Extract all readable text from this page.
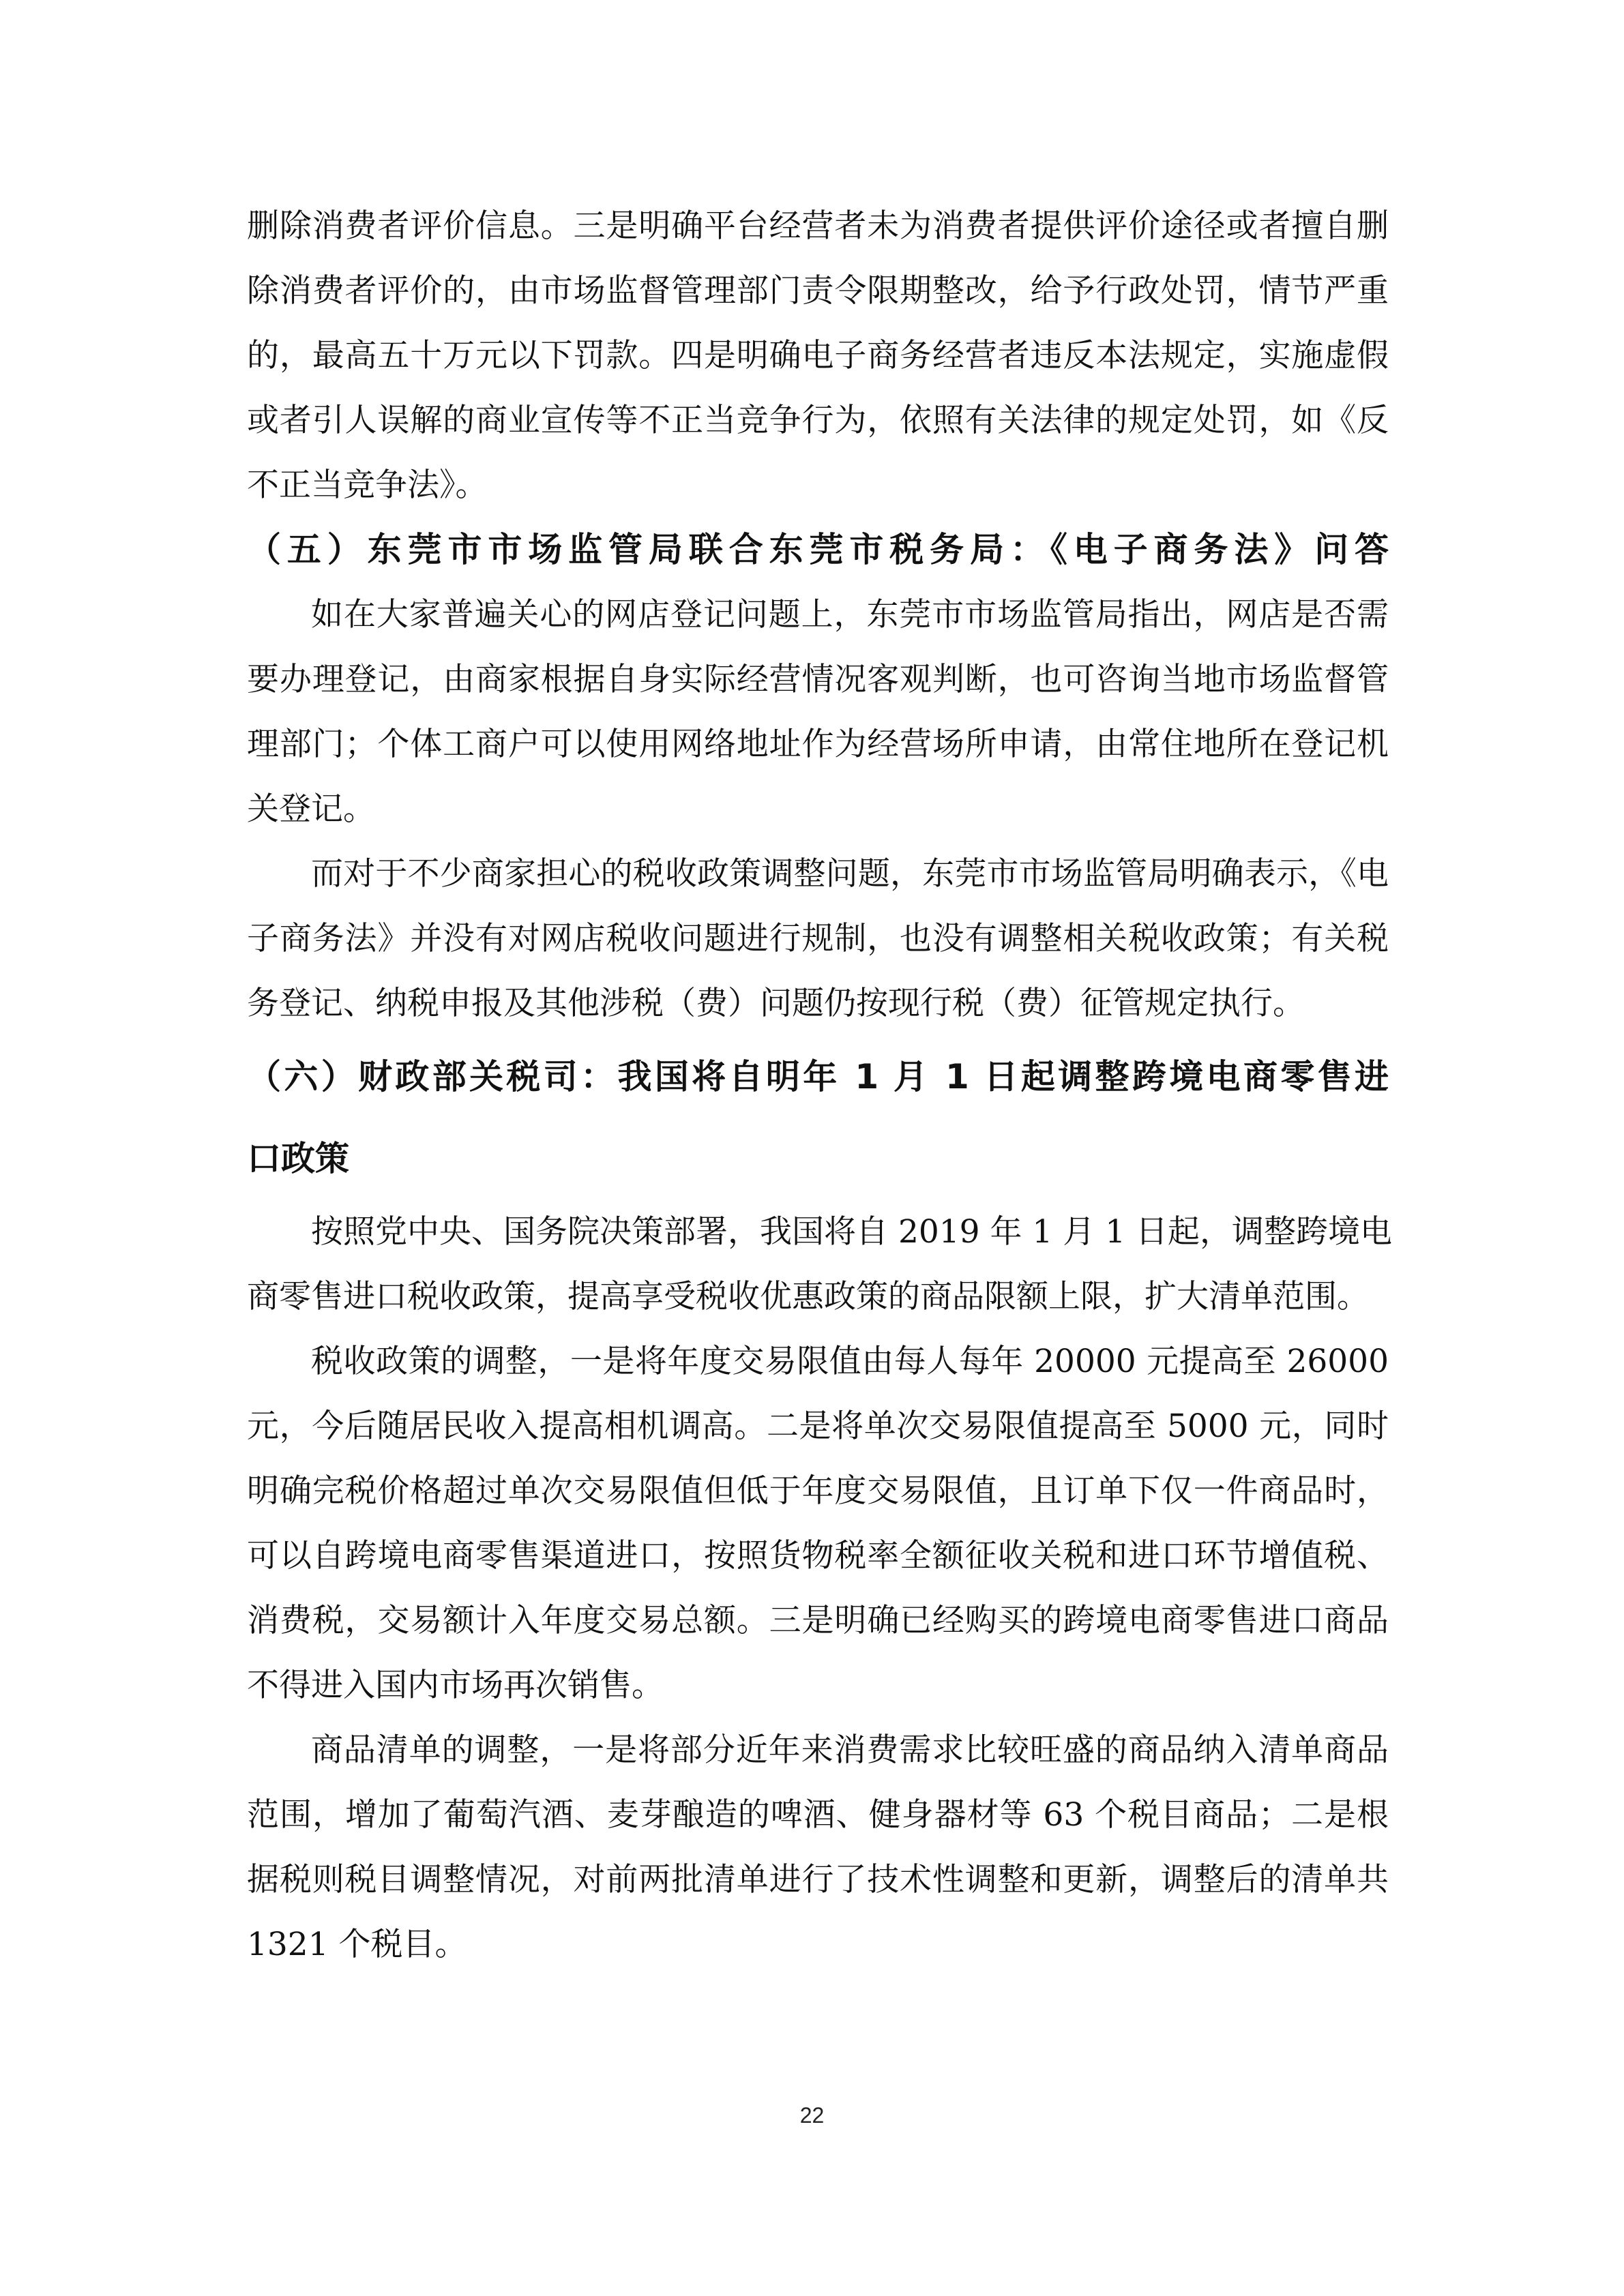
删除消费者评价信息。三是明确平台经营者未为消费者提供评价途径或者擅自删
除消费者评价的，由市场监督管理部门责令限期整改，给予行政处罚，情节严重
的，最高五十万元以下罚款。四是明确电子商务经营者违反本法规定，实施虚假
或者引人误解的商业宣传等不正当竞争行为，依照有关法律的规定处罚，如《反
不正当竞争法》。
（五）东莞市市场监管局联合东莞市税务局：《电子商务法》问答
如在大家普遍关心的网店登记问题上，东莞市市场监管局指出，网店是否需
要办理登记，由商家根据自身实际经营情况客观判断，也可咨询当地市场监督管
理部门；个体工商户可以使用网络地址作为经营场所申请，由常住地所在登记机
关登记。
而对于不少商家担心的税收政策调整问题，东莞市市场监管局明确表示，《电
子商务法》并没有对网店税收问题进行规制，也没有调整相关税收政策；有关税
务登记、纳税申报及其他涉税（费）问题仍按现行税（费）征管规定执行。
（六）财政部关税司：我国将自明年 1 月 1 日起调整跨境电商零售进
口政策
按照党中央、国务院决策部署，我国将自 2019 年 1 月 1 日起，调整跨境电
商零售进口税收政策，提高享受税收优惠政策的商品限额上限，扩大清单范围。
税收政策的调整，一是将年度交易限值由每人每年 20000 元提高至 26000
元，今后随居民收入提高相机调高。二是将单次交易限值提高至 5000 元，同时
明确完税价格超过单次交易限值但低于年度交易限值，且订单下仅一件商品时，
可以自跨境电商零售渠道进口，按照货物税率全额征收关税和进口环节增值税、
消费税，交易额计入年度交易总额。三是明确已经购买的跨境电商零售进口商品
不得进入国内市场再次销售。
商品清单的调整，一是将部分近年来消费需求比较旺盛的商品纳入清单商品
范围，增加了葡萄汽酒、麦芽酿造的啤酒、健身器材等 63 个税目商品；二是根
据税则税目调整情况，对前两批清单进行了技术性调整和更新，调整后的清单共
1321 个税目。
22
